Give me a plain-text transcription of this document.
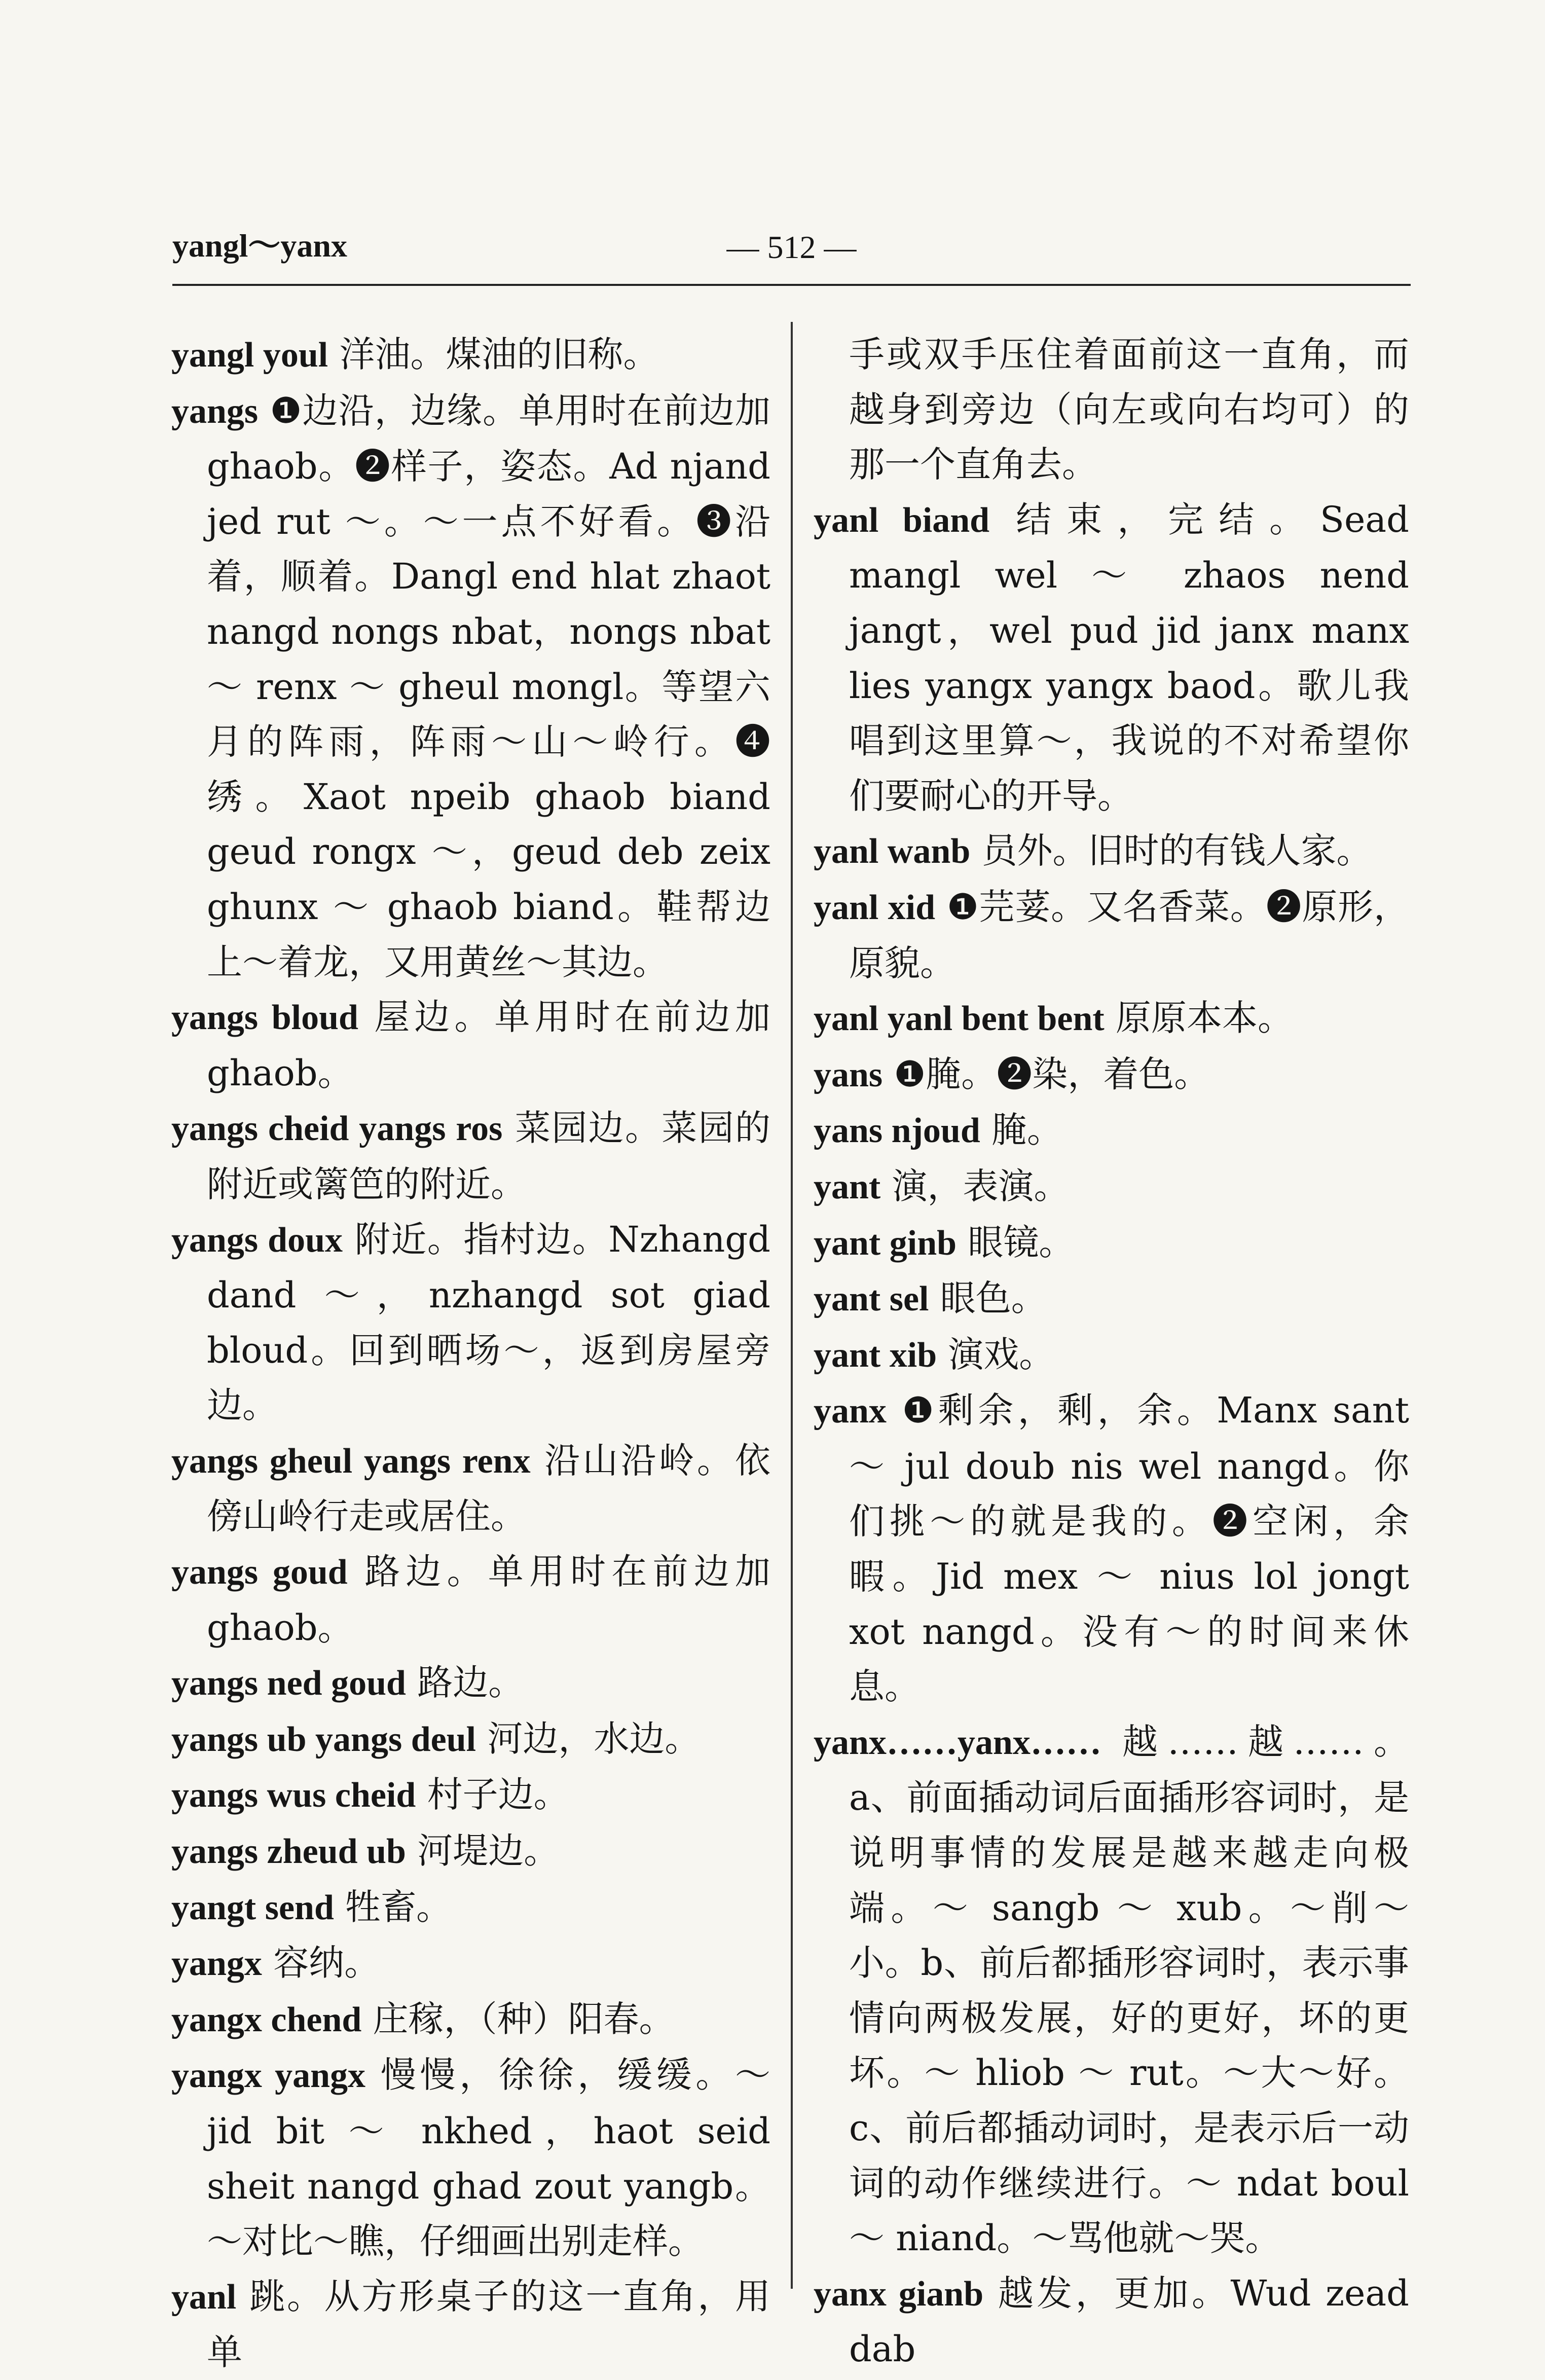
yangl～yanx	— 512 —
yangl youl 洋油。煤油的旧称。
yangs ❶边沿，边缘。单用时在前边加ghaob。❷样子，姿态。Ad njand jed rut ～。～一点不好看。❸沿着，顺着。Dangl end hlat zhaot nangd nongs nbat，nongs nbat ～ renx ～ gheul mongl。等望六月的阵雨，阵雨～山～岭行。❹绣。Xaot npeib ghaob biand geud rongx ～，geud deb zeix ghunx ～ ghaob biand。鞋帮边上～着龙，又用黄丝～其边。
yangs bloud 屋边。单用时在前边加ghaob。
yangs cheid yangs ros 菜园边。菜园的附近或篱笆的附近。
yangs doux 附近。指村边。Nzhangd dand ～，nzhangd sot giad bloud。回到晒场～，返到房屋旁边。
yangs gheul yangs renx 沿山沿岭。依傍山岭行走或居住。
yangs goud 路边。单用时在前边加ghaob。
yangs ned goud 路边。
yangs ub yangs deul 河边，水边。
yangs wus cheid 村子边。
yangs zheud ub 河堤边。
yangt send 牲畜。
yangx 容纳。
yangx chend 庄稼，（种）阳春。
yangx yangx 慢慢，徐徐，缓缓。～ jid bit ～ nkhed，haot seid sheit nangd ghad zout yangb。～对比～瞧，仔细画出别走样。
yanl 跳。从方形桌子的这一直角，用单
手或双手压住着面前这一直角，而越身到旁边（向左或向右均可）的那一个直角去。
yanl biand 结束，完结。Sead mangl wel ～ zhaos nend jangt，wel pud jid janx manx lies yangx yangx baod。歌儿我唱到这里算～，我说的不对希望你们要耐心的开导。
yanl wanb 员外。旧时的有钱人家。
yanl xid ❶芫荽。又名香菜。❷原形，原貌。
yanl yanl bent bent 原原本本。
yans ❶腌。❷染，着色。
yans njoud 腌。
yant 演，表演。
yant ginb 眼镜。
yant sel 眼色。
yant xib 演戏。
yanx ❶剩余，剩，余。Manx sant ～ jul doub nis wel nangd。你们挑～的就是我的。❷空闲，余暇。Jid mex ～ nius lol jongt xot nangd。没有～的时间来休息。
yanx……yanx…… 越……越……。a、前面插动词后面插形容词时，是说明事情的发展是越来越走向极端。～ sangb ～ xub。～削～小。b、前后都插形容词时，表示事情向两极发展，好的更好，坏的更坏。～ hliob ～ rut。～大～好。c、前后都插动词时，是表示后一动词的动作继续进行。～ ndat boul ～ niand。～骂他就～哭。
yanx gianb 越发，更加。Wud zead dab
